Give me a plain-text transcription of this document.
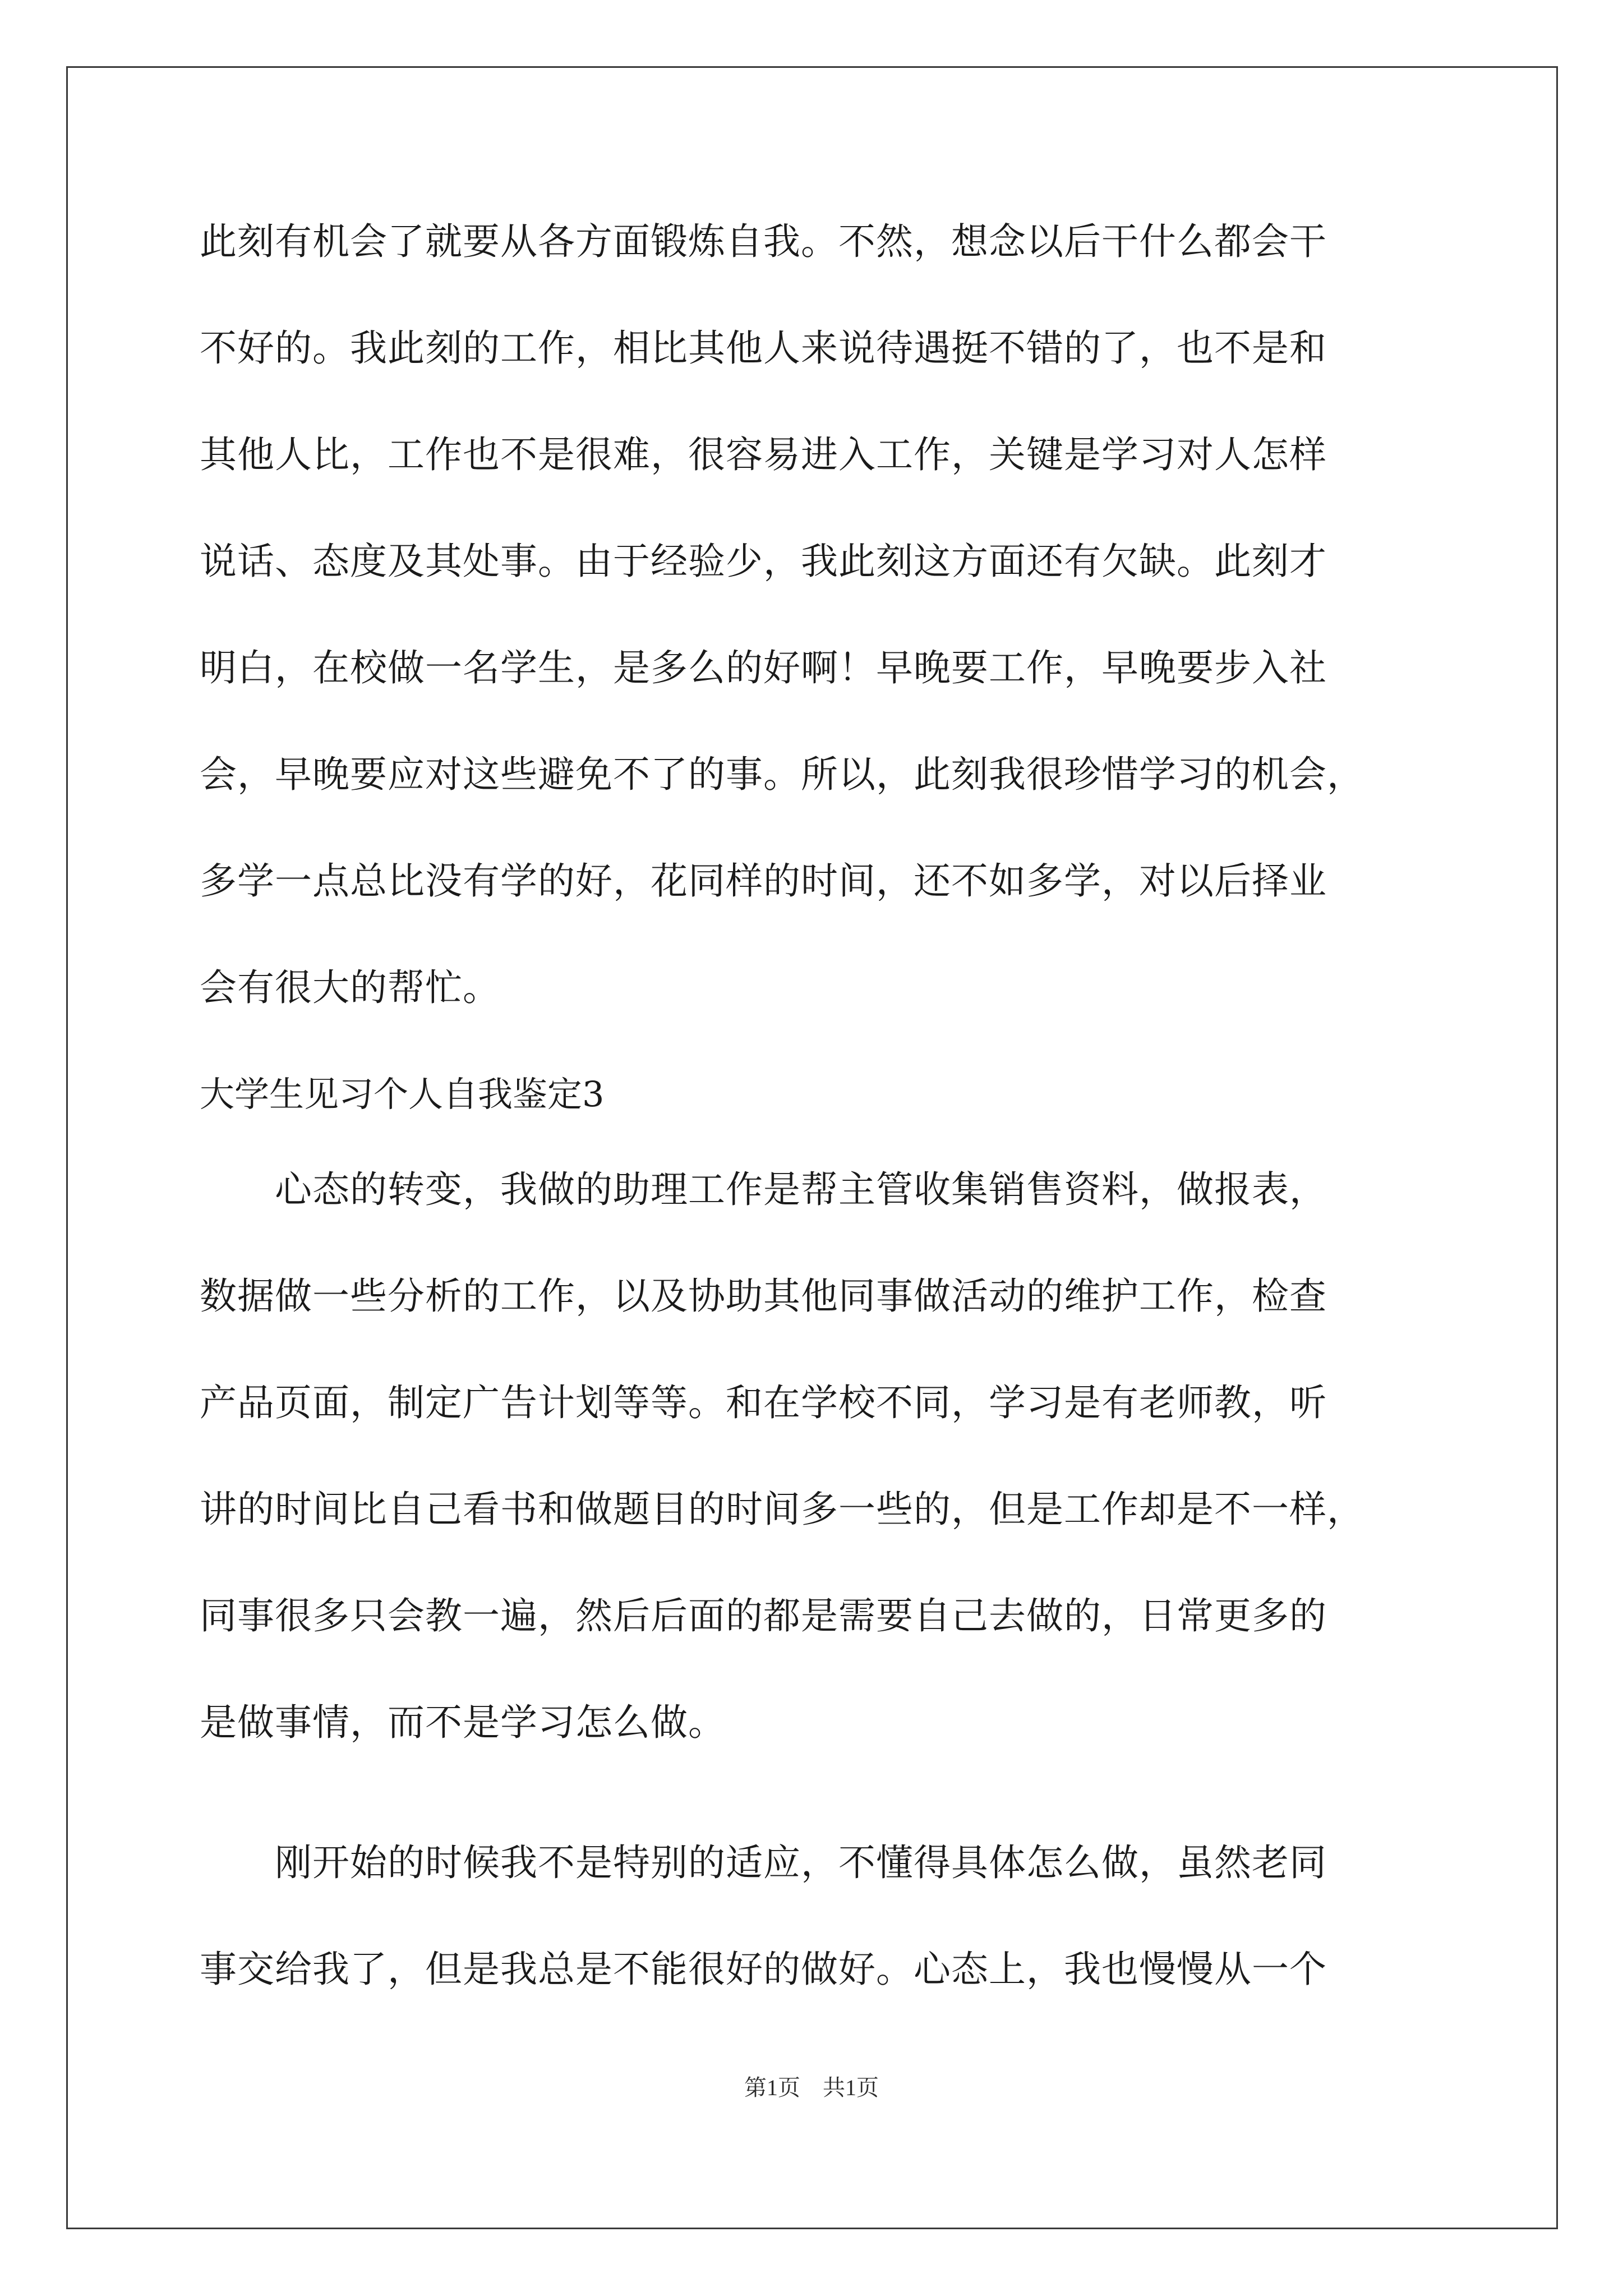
此刻有机会了就要从各方面锻炼自我。不然，想念以后干什么都会干
不好的。我此刻的工作，相比其他人来说待遇挺不错的了，也不是和
其他人比，工作也不是很难，很容易进入工作，关键是学习对人怎样
说话、态度及其处事。由于经验少，我此刻这方面还有欠缺。此刻才
明白，在校做一名学生，是多么的好啊！早晚要工作，早晚要步入社
会，早晚要应对这些避免不了的事。所以，此刻我很珍惜学习的机会，
多学一点总比没有学的好，花同样的时间，还不如多学，对以后择业
会有很大的帮忙。
大学生见习个人自我鉴定3
心态的转变，我做的助理工作是帮主管收集销售资料，做报表，
数据做一些分析的工作，以及协助其他同事做活动的维护工作，检查
产品页面，制定广告计划等等。和在学校不同，学习是有老师教，听
讲的时间比自己看书和做题目的时间多一些的，但是工作却是不一样，
同事很多只会教一遍，然后后面的都是需要自己去做的，日常更多的
是做事情，而不是学习怎么做。
刚开始的时候我不是特别的适应，不懂得具体怎么做，虽然老同
事交给我了，但是我总是不能很好的做好。心态上，我也慢慢从一个
第1页　共1页
